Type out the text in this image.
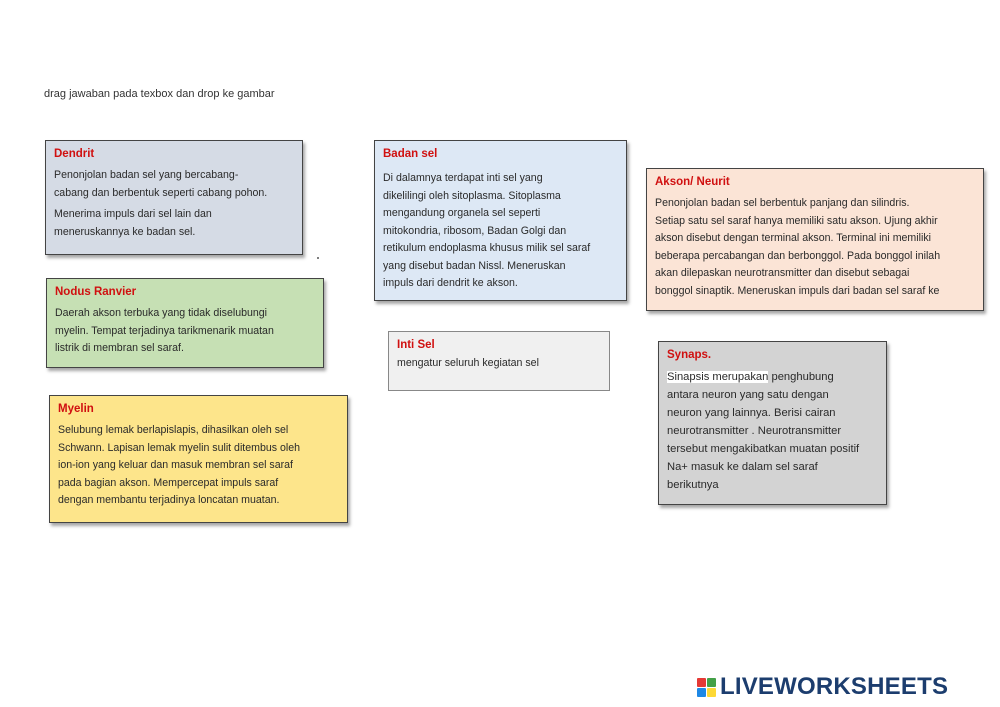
drag jawaban pada texbox dan drop ke gambar
Dendrit

Penonjolan badan sel yang bercabang-
cabang dan berbentuk seperti cabang pohon.

Menerima impuls dari sel lain dan
meneruskannya ke badan sel.

Nodus Ranvier

Daerah akson terbuka yang tidak diselubungi
myelin. Tempat terjadinya tarikmenarik muatan
listrik di membran sel saraf.

Myelin

Selubung lemak berlapislapis, dihasilkan oleh sel
Schwann. Lapisan lemak myelin sulit ditembus oleh
ion-ion yang keluar dan masuk membran sel saraf
pada bagian akson. Mempercepat impuls saraf
dengan membantu terjadinya loncatan muatan.

Badan sel

Di dalamnya terdapat inti sel yang
dikelilingi oleh sitoplasma. Sitoplasma
mengandung organela sel seperti
mitokondria, ribosom, Badan Golgi dan
retikulum endoplasma khusus milik sel saraf
yang disebut badan Nissl. Meneruskan
impuls dari dendrit ke akson.

Inti Sel

mengatur seluruh kegiatan sel

Akson/ Neurit

Penonjolan badan sel berbentuk panjang dan silindris.
Setiap satu sel saraf hanya memiliki satu akson. Ujung akhir
akson disebut dengan terminal akson. Terminal ini memiliki
beberapa percabangan dan berbonggol. Pada bonggol inilah
akan dilepaskan neurotransmitter dan disebut sebagai
bonggol sinaptik. Meneruskan impuls dari badan sel saraf ke

Synaps.

Sinapsis merupakan penghubung
antara neuron yang satu dengan
neuron yang lainnya. Berisi cairan
neurotransmitter . Neurotransmitter
tersebut mengakibatkan muatan positif
Na+ masuk ke dalam sel saraf
berikutnya

LIVEWORKSHEETS
